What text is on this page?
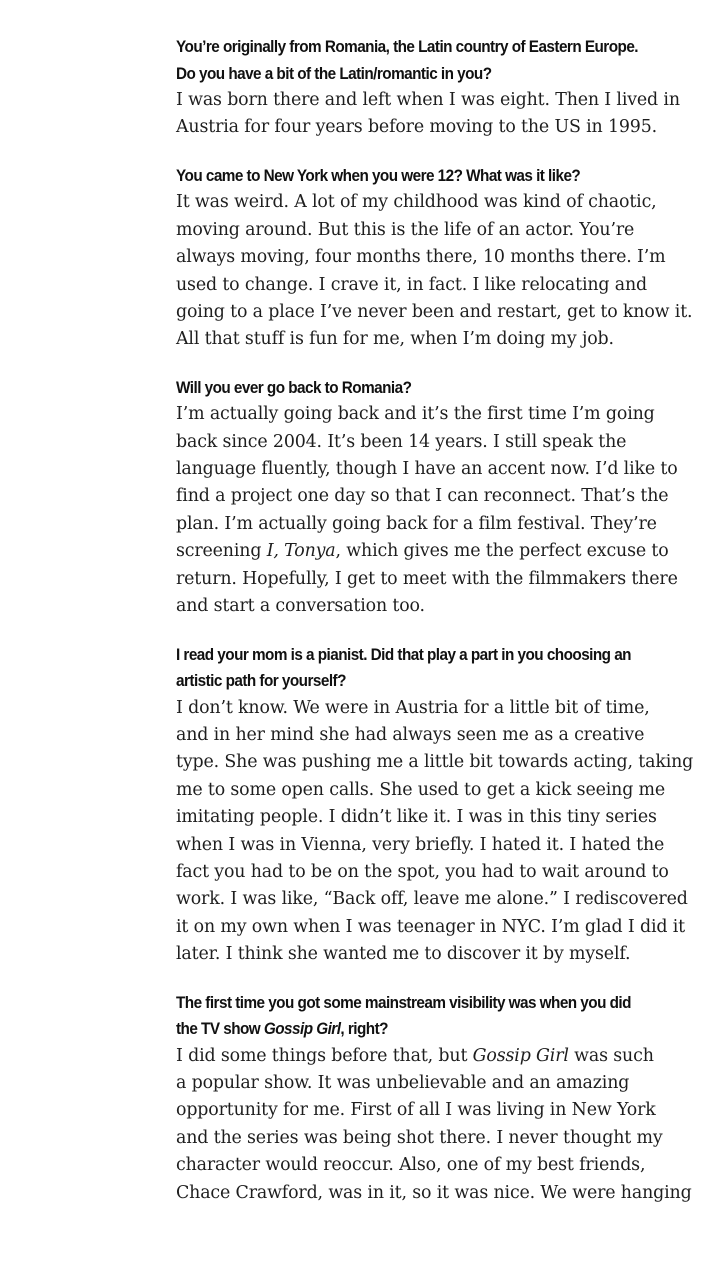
You’re originally from Romania, the Latin country of Eastern Europe.
Do you have a bit of the Latin/romantic in you?

I was born there and left when I was eight. Then I lived in
Austria for four years before moving to the US in 1995.

You came to New York when you were 12? What was it like?

It was weird. A lot of my childhood was kind of chaotic,
moving around. But this is the life of an actor. You’re
always moving, four months there, 10 months there. I’m
used to change. I crave it, in fact. I like relocating and
going to a place I’ve never been and restart, get to know it.
All that stuff is fun for me, when I’m doing my job.

Will you ever go back to Romania?

I’m actually going back and it’s the first time I’m going
back since 2004. It’s been 14 years. I still speak the
language fluently, though I have an accent now. I’d like to
find a project one day so that I can reconnect. That’s the
plan. I’m actually going back for a film festival. They’re
screening I, Tonya, which gives me the perfect excuse to
return. Hopefully, I get to meet with the filmmakers there
and start a conversation too.

I read your mom is a pianist. Did that play a part in you choosing an
artistic path for yourself?

I don’t know. We were in Austria for a little bit of time,
and in her mind she had always seen me as a creative
type. She was pushing me a little bit towards acting, taking
me to some open calls. She used to get a kick seeing me
imitating people. I didn’t like it. I was in this tiny series
when I was in Vienna, very briefly. I hated it. I hated the
fact you had to be on the spot, you had to wait around to
work. I was like, “Back off, leave me alone.” I rediscovered
it on my own when I was teenager in NYC. I’m glad I did it
later. I think she wanted me to discover it by myself.

The first time you got some mainstream visibility was when you did
the TV show Gossip Girl, right?

I did some things before that, but Gossip Girl was such
a popular show. It was unbelievable and an amazing
opportunity for me. First of all I was living in New York
and the series was being shot there. I never thought my
character would reoccur. Also, one of my best friends,
Chace Crawford, was in it, so it was nice. We were hanging
